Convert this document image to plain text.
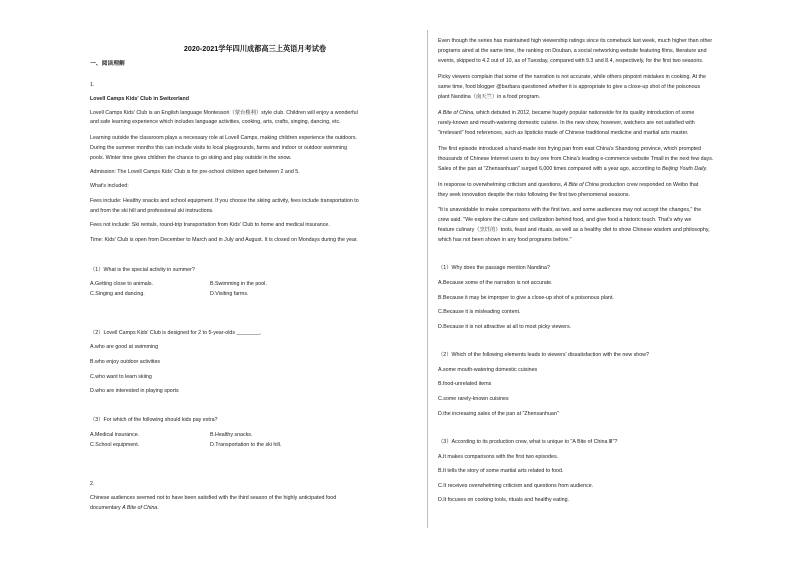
2020-2021学年四川成都高三上英语月考试卷
一、阅读理解
1.
Lovell Camps Kids' Club in Switzerland
Lovell Camps Kids' Club is an English language Montessori（蒙台梭利）style club. Children will enjoy a wonderful
and safe learning experience which includes language activities, cooking, arts, crafts, singing, dancing, etc.
Learning outside the classroom plays a necessary role at Lovell Camps, making children experience the outdoors.
During the summer months this can include visits to local playgrounds, farms and indoor or outdoor swimming
pools. Winter time gives children the chance to go skiing and play outside in the snow.
Admission: The Lovell Camps Kids' Club is for pre-school children aged between 2 and 5.
What's included:
Fees include: Healthy snacks and school equipment. If you choose the skiing activity, fees include transportation to
and from the ski hill and professional ski instructions.
Fees not include: Ski rentals, round-trip transportation from Kids' Club to home and medical insurance.
Time: Kids' Club is open from December to March and in July and August. It is closed on Mondays during the year.
（1）What is the special activity in summer?
A.Getting close to animals.	B.Swimming in the pool.
C.Singing and dancing.	D.Visiting farms.
（2）Lovell Camps Kids' Club is designed for 2 to 5-year-olds ________.
A.who are good at swimming
B.who enjoy outdoor activities
C.who want to learn skiing
D.who are interested in playing sports
（3）For which of the following should kids pay extra?
A.Medical insurance.	B.Healthy snacks.
C.School equipment.	D.Transportation to the ski hill.
2.
Chinese audiences seemed not to have been satisfied with the third season of the highly anticipated food
documentary A Bite of China.
Even though the series has maintained high viewership ratings since its comeback last week, much higher than other
programs aired at the same time, the ranking on Douban, a social networking website featuring films, literature and
events, skipped to 4.2 out of 10, as of Tuesday, compared with 9.3 and 8.4, respectively, for the first two seasons.
Picky viewers complain that some of the narration is not accurate, while others pinpoint mistakes in cooking. At the
same time, food blogger @barbara questioned whether it is appropriate to give a close-up shot of the poisonous
plant Nandina（南天竺）in a food program.
A Bite of China, which debuted in 2012, became hugely popular nationwide for its quality introduction of some
rarely-known and mouth-watering domestic cuisine. In the new show, however, watchers are not satisfied with
"irrelevant" food references, such as lipsticks made of Chinese traditional medicine and martial arts master.
The first episode introduced a hand-made iron frying pan from east China's Shandong province, which prompted
thousands of Chinese Internet users to buy one from China's leading e-commerce website Tmall in the next few days.
Sales of the pan at "Zhensanhuan" surged 6,000 times compared with a year ago, according to Beijing Youth Daily.
In response to overwhelming criticism and questions, A Bite of China production crew responded on Weibo that
they seek innovation despite the risks following the first two phenomenal seasons.
"It is unavoidable to make comparisons with the first two, and some audiences may not accept the changes," the
crew said. "We explore the culture and civilization behind food, and give food a historic touch. That's why we
feature culinary（烹饪的）tools, feast and rituals, as well as a healthy diet to show Chinese wisdom and philosophy,
which has not been shown in any food programs before."
（1）Why does the passage mention Nandina?
A.Because some of the narration is not accurate.
B.Because it may be improper to give a close-up shot of a poisonous plant.
C.Because it is misleading content.
D.Because it is not attractive at all to most picky viewers.
（2）Which of the following elements leads to viewers' dissatisfaction with the new show?
A.some mouth-watering domestic cuisines
B.food-unrelated items
C.some rarely-known cuisines
D.the increasing sales of the pan at "Zhensanhuan"
（3）According to its production crew, what is unique to "A Bite of China Ⅲ"?
A.It makes comparisons with the first two episodes.
B.It tells the story of some martial arts related to food.
C.It receives overwhelming criticism and questions from audience.
D.It focuses on cooking tools, rituals and healthy eating.
